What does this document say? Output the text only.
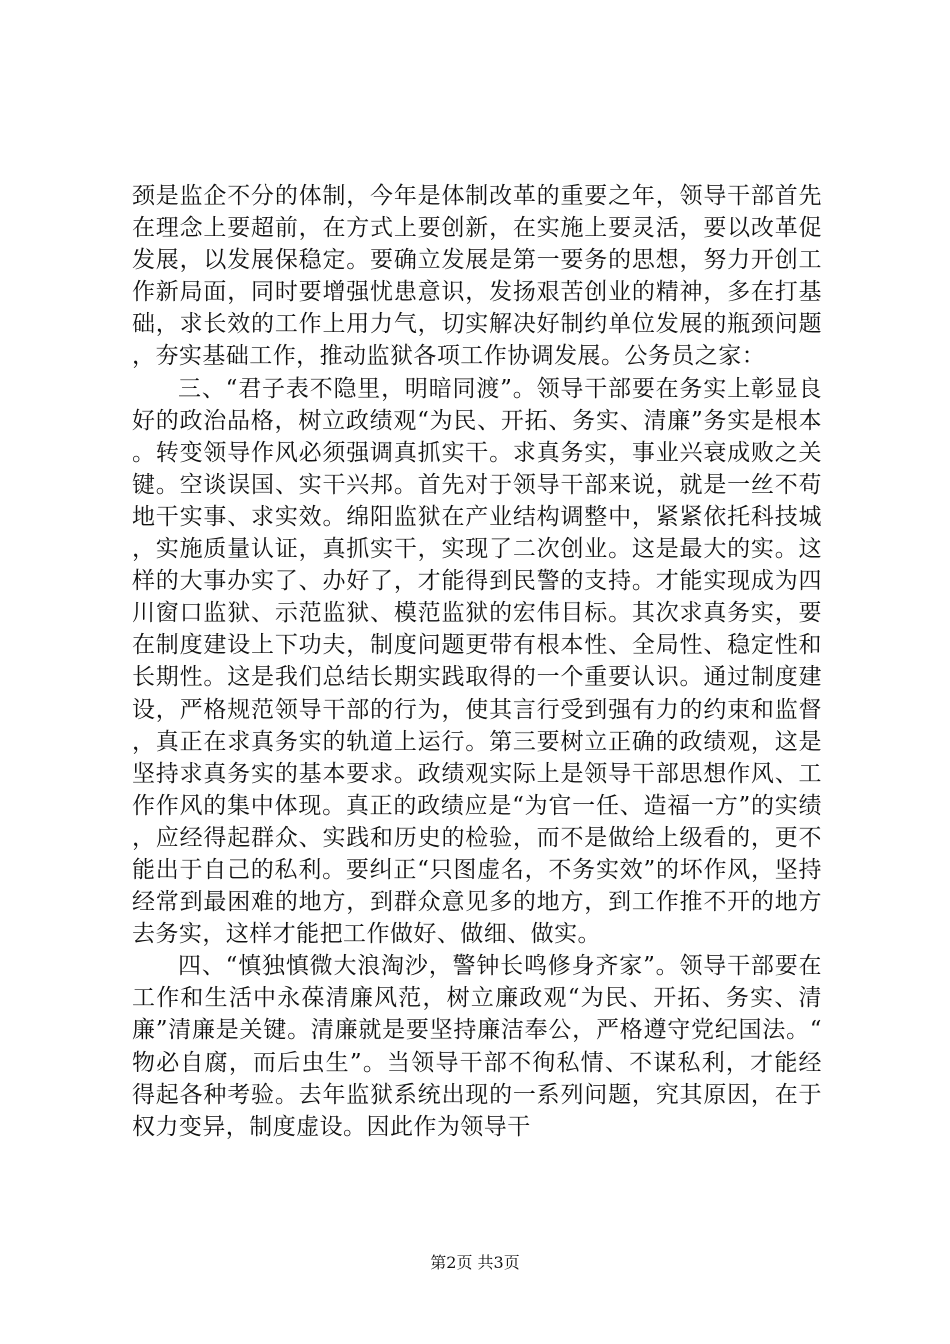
颈是监企不分的体制，今年是体制改革的重要之年，领导干部首先在理念上要超前，在方式上要创新，在实施上要灵活，要以改革促发展，以发展保稳定。要确立发展是第一要务的思想，努力开创工作新局面，同时要增强忧患意识，发扬艰苦创业的精神，多在打基础，求长效的工作上用力气，切实解决好制约单位发展的瓶颈问题，夯实基础工作，推动监狱各项工作协调发展。公务员之家：

三、“君子表不隐里，明暗同渡”。领导干部要在务实上彰显良好的政治品格，树立政绩观“为民、开拓、务实、清廉”务实是根本。转变领导作风必须强调真抓实干。求真务实，事业兴衰成败之关键。空谈误国、实干兴邦。首先对于领导干部来说，就是一丝不苟地干实事、求实效。绵阳监狱在产业结构调整中，紧紧依托科技城，实施质量认证，真抓实干，实现了二次创业。这是最大的实。这样的大事办实了、办好了，才能得到民警的支持。才能实现成为四川窗口监狱、示范监狱、模范监狱的宏伟目标。其次求真务实，要在制度建设上下功夫，制度问题更带有根本性、全局性、稳定性和长期性。这是我们总结长期实践取得的一个重要认识。通过制度建设，严格规范领导干部的行为，使其言行受到强有力的约束和监督，真正在求真务实的轨道上运行。第三要树立正确的政绩观，这是坚持求真务实的基本要求。政绩观实际上是领导干部思想作风、工作作风的集中体现。真正的政绩应是“为官一任、造福一方”的实绩，应经得起群众、实践和历史的检验，而不是做给上级看的，更不能出于自己的私利。要纠正“只图虚名，不务实效”的坏作风，坚持经常到最困难的地方，到群众意见多的地方，到工作推不开的地方去务实，这样才能把工作做好、做细、做实。

四、“慎独慎微大浪淘沙，警钟长鸣修身齐家”。领导干部要在工作和生活中永葆清廉风范，树立廉政观“为民、开拓、务实、清廉”清廉是关键。清廉就是要坚持廉洁奉公，严格遵守党纪国法。“物必自腐，而后虫生”。当领导干部不徇私情、不谋私利，才能经得起各种考验。去年监狱系统出现的一系列问题，究其原因，在于权力变异，制度虚设。因此作为领导干

第2页 共3页
